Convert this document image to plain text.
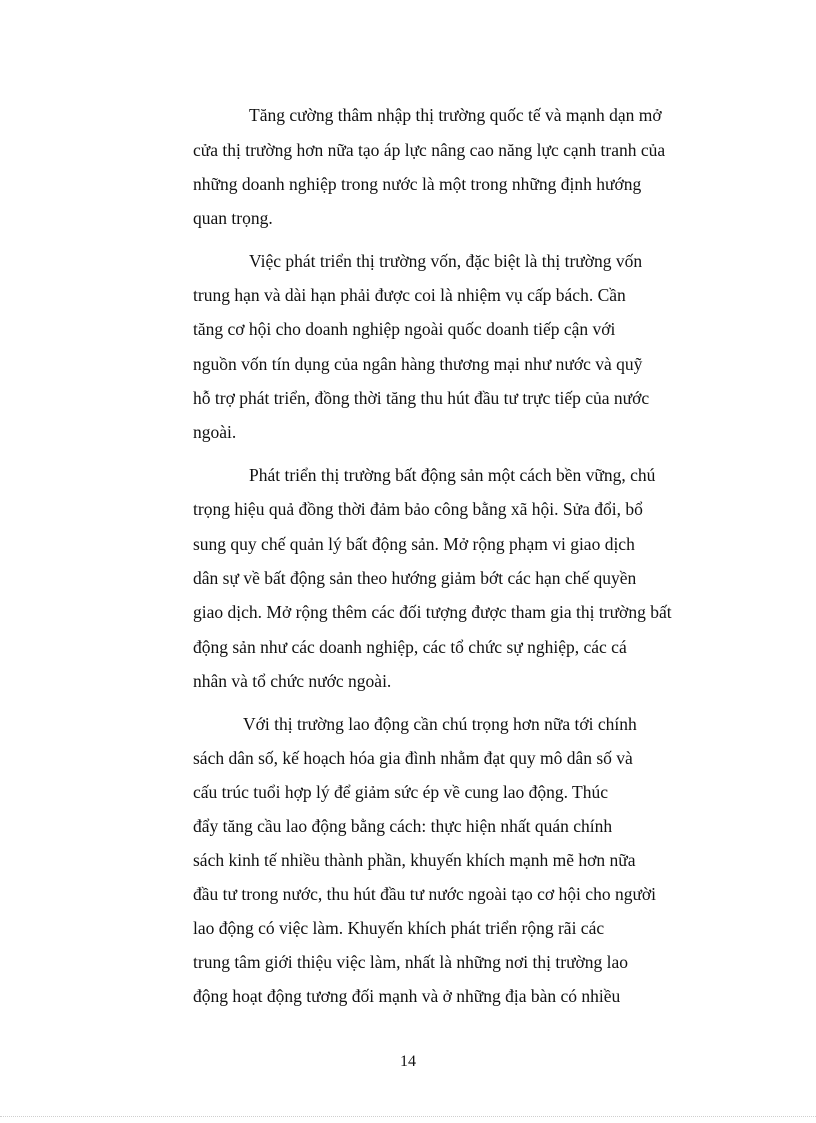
Tăng cường thâm nhập thị trường quốc tế và mạnh dạn mở
cửa thị trường hơn nữa tạo áp lực nâng cao năng lực cạnh tranh của
những doanh nghiệp trong nước là một trong những định hướng
quan trọng.
Việc phát triển thị trường vốn, đặc biệt là thị trường vốn
trung hạn và dài hạn phải được coi là nhiệm vụ cấp bách. Cần
tăng cơ hội cho doanh nghiệp ngoài quốc doanh tiếp cận với
nguồn vốn tín dụng của ngân hàng thương mại như nước và quỹ
hỗ trợ phát triển, đồng thời tăng thu hút đầu tư trực tiếp của nước
ngoài.
Phát triển thị trường bất động sản một cách bền vững, chú
trọng hiệu quả đồng thời đảm bảo công bằng xã hội. Sửa đổi, bổ
sung quy chế quản lý bất động sản. Mở rộng phạm vi giao dịch
dân sự về bất động sản theo hướng giảm bớt các hạn chế quyền
giao dịch. Mở rộng thêm các đối tượng được tham gia thị trường bất
động sản như các doanh nghiệp, các tổ chức sự nghiệp, các cá
nhân và tổ chức nước ngoài.
Với thị trường lao động cần chú trọng hơn nữa tới chính
sách dân số, kế hoạch hóa gia đình nhằm đạt quy mô dân số và
cấu trúc tuổi hợp lý để giảm sức ép về cung lao động. Thúc
đẩy tăng cầu lao động bằng cách: thực hiện nhất quán chính
sách kinh tế nhiều thành phần, khuyến khích mạnh mẽ hơn nữa
đầu tư trong nước, thu hút đầu tư nước ngoài tạo cơ hội cho người
lao động có việc làm. Khuyến khích phát triển rộng rãi các
trung tâm giới thiệu việc làm, nhất là những nơi thị trường lao
động hoạt động tương đối mạnh và ở những địa bàn có nhiều
14
